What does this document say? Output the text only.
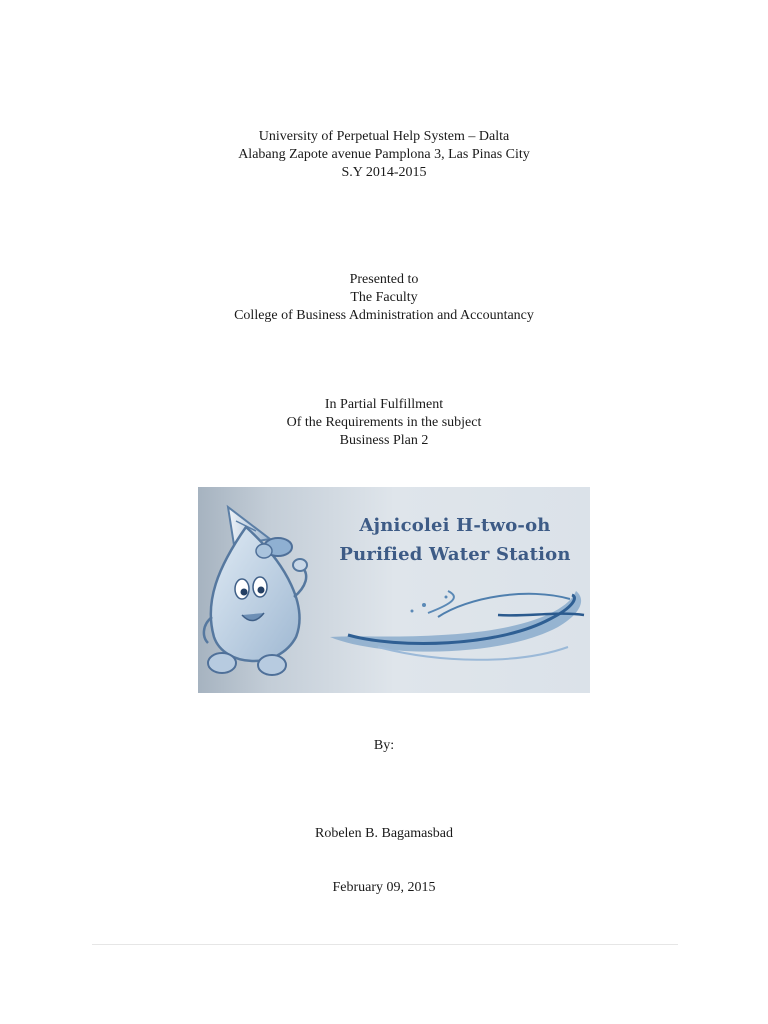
University of Perpetual Help System – Dalta
Alabang Zapote avenue Pamplona 3, Las Pinas City
S.Y 2014-2015
Presented to
The Faculty
College of Business Administration and Accountancy
In Partial Fulfillment
Of the Requirements in the subject
Business Plan 2
Ajnicolei H-two-oh
Purified Water Station
By:
Robelen B. Bagamasbad
February 09, 2015
